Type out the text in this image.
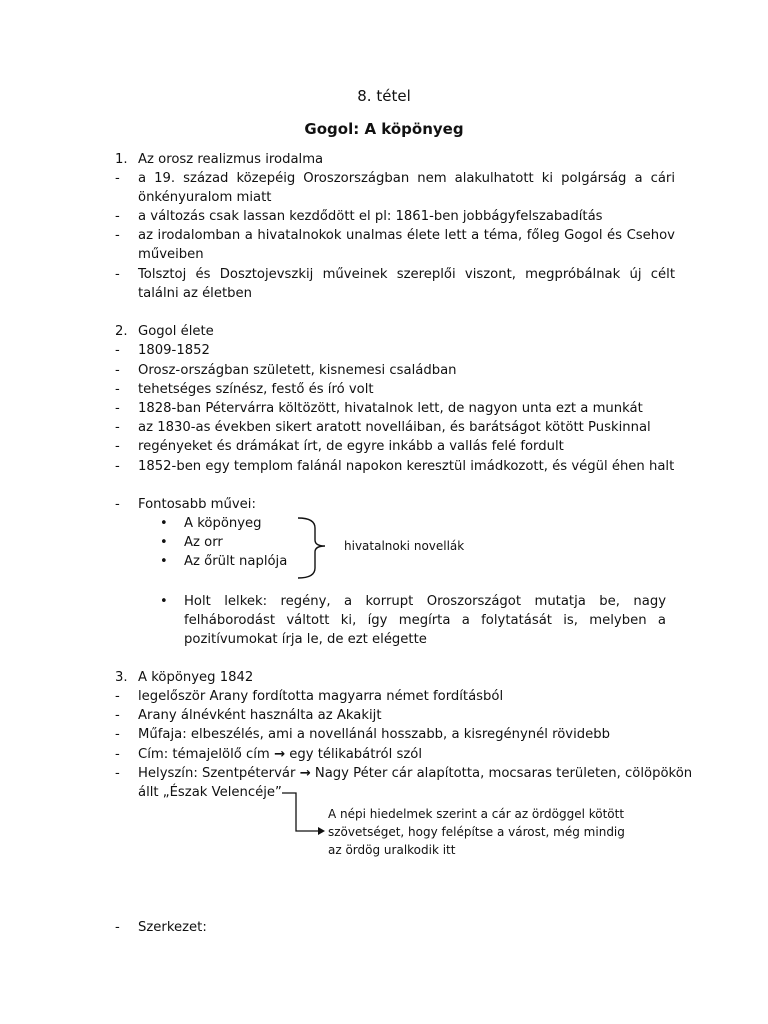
8. tétel
Gogol: A köpönyeg
1. Az orosz realizmus irodalma
- a 19. század közepéig Oroszországban nem alakulhatott ki polgárság a cári önkényuralom miatt
- a változás csak lassan kezdődött el pl: 1861-ben jobbágyfelszabadítás
- az irodalomban a hivatalnokok unalmas élete lett a téma, főleg Gogol és Csehov műveiben
- Tolsztoj és Dosztojevszkij műveinek szereplői viszont, megpróbálnak új célt találni az életben
2. Gogol élete
- 1809-1852
- Orosz-országban született, kisnemesi családban
- tehetséges színész, festő és író volt
- 1828-ban Pétervárra költözött, hivatalnok lett, de nagyon unta ezt a munkát
- az 1830-as években sikert aratott novelláiban, és barátságot kötött Puskinnal
- regényeket és drámákat írt, de egyre inkább a vallás felé fordult
- 1852-ben egy templom falánál napokon keresztül imádkozott, és végül éhen halt
- Fontosabb művei:
• A köpönyeg
• Az orr
• Az őrült naplója
hivatalnoki novellák
• Holt lelkek: regény, a korrupt Oroszországot mutatja be, nagy felháborodást váltott ki, így megírta a folytatását is, melyben a pozitívumokat írja le, de ezt elégette
3. A köpönyeg 1842
- legelőször Arany fordította magyarra német fordításból
- Arany álnévként használta az Akakijt
- Műfaja: elbeszélés, ami a novellánál hosszabb, a kisregénynél rövidebb
- Cím: témajelölő cím → egy télikabátról szól
- Helyszín: Szentpétervár → Nagy Péter cár alapította, mocsaras területen, cölöpökön
állt „Észak Velencéje”
A népi hiedelmek szerint a cár az ördöggel kötött szövetséget, hogy felépítse a várost, még mindig az ördög uralkodik itt
- Szerkezet:
